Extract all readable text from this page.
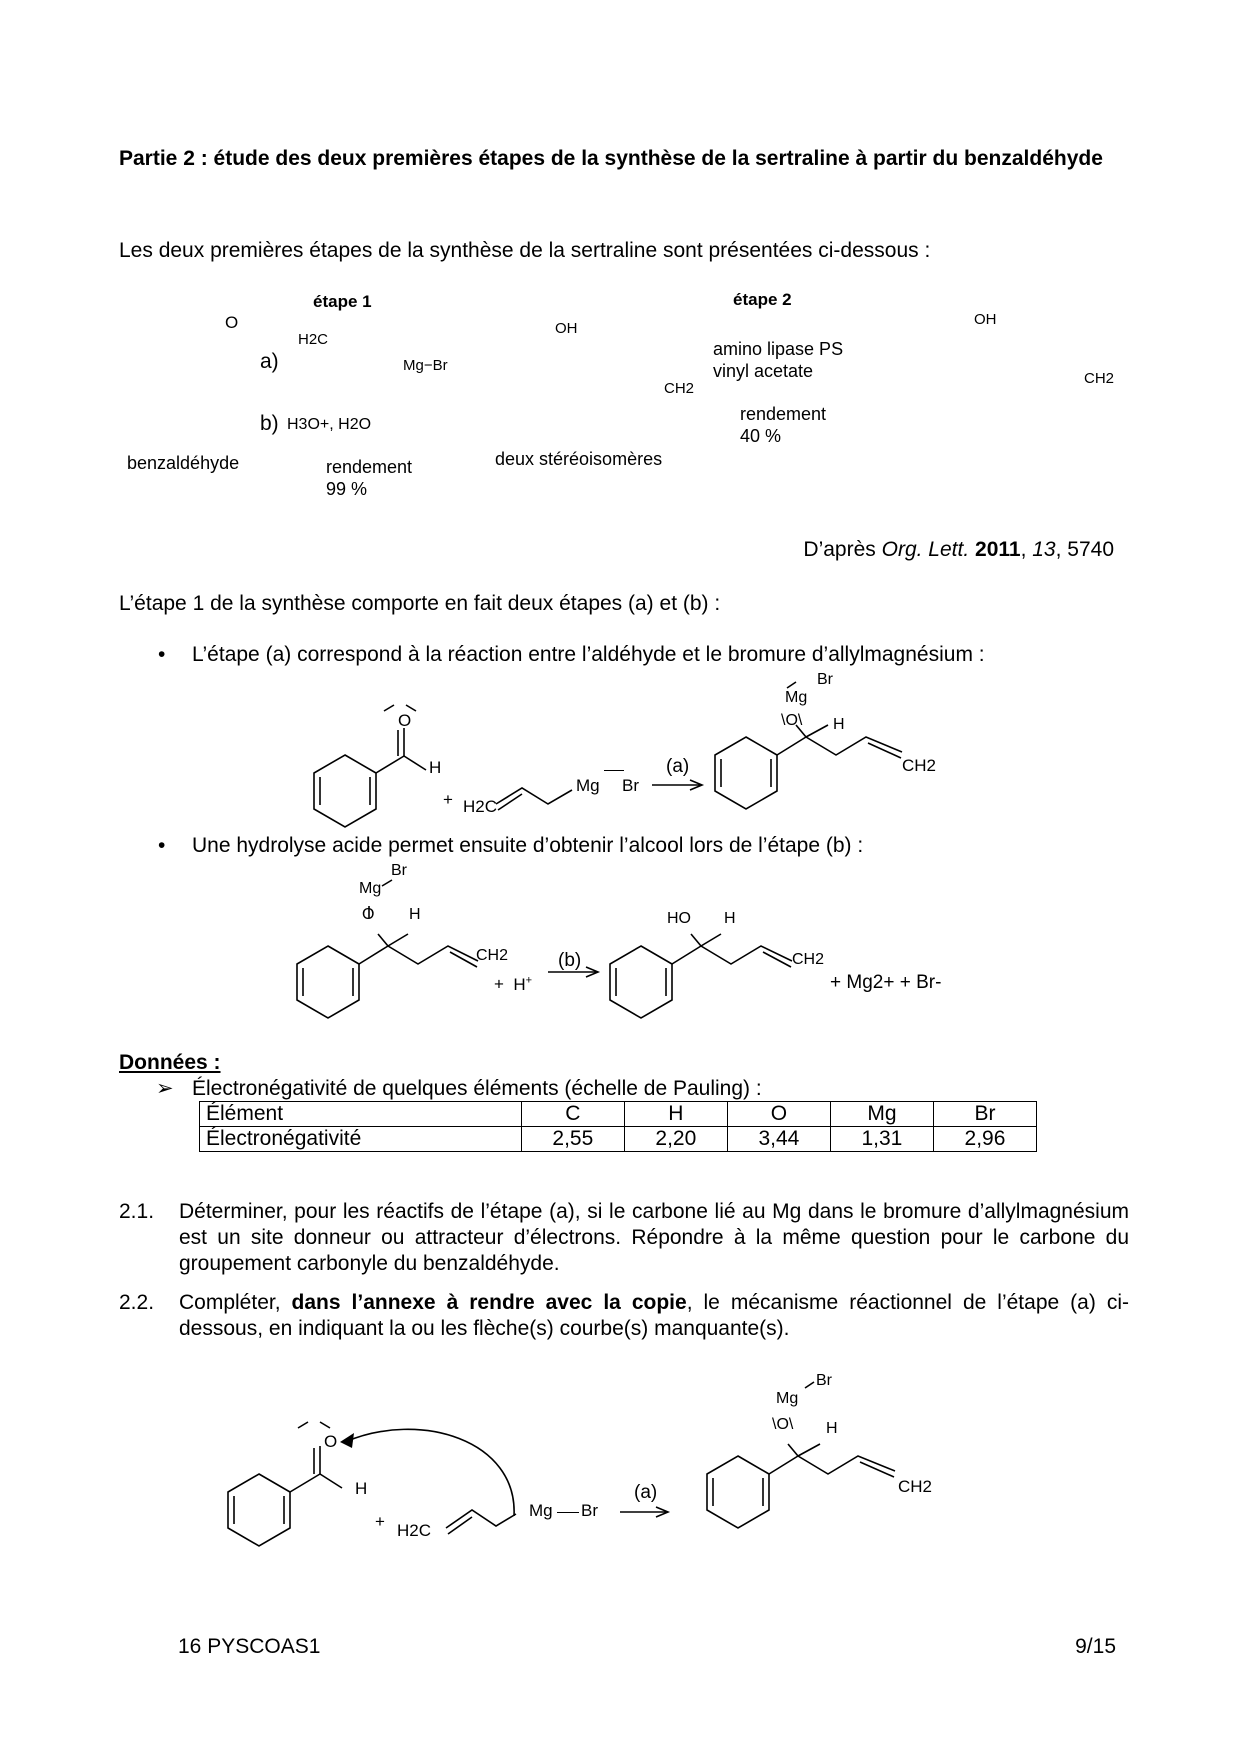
Partie 2 : étude des deux premières étapes de la synthèse de la sertraline à partir du benzaldéhyde
Les deux premières étapes de la synthèse de la sertraline sont présentées ci-dessous :
étape 1	étape 2
O
a)
H2C
Mg−Br
b) H3O+, H2O
benzaldéhyde	rendement
99 %
OH
CH2
deux stéréoisomères
amino lipase PS
vinyl acetate
rendement
40 %
OH
CH2
D’après Org. Lett. 2011, 13, 5740
L’étape 1 de la synthèse comporte en fait deux étapes (a) et (b) :
• L’étape (a) correspond à la réaction entre l’aldéhyde et le bromure d’allylmagnésium :
O
H
+ H2C
Mg Br
(a)
Br
Mg
\O\ H
CH2
• Une hydrolyse acide permet ensuite d’obtenir l’alcool lors de l’étape (b) :
Br
Mg
O H
CH2
+ H+
(b)
HO H
CH2
+ Mg2+ + Br-
Données :
➢ Électronégativité de quelques éléments (échelle de Pauling) :
Élément	C	H	O	Mg	Br
Électronégativité	2,55	2,20	3,44	1,31	2,96
2.1. Déterminer, pour les réactifs de l’étape (a), si le carbone lié au Mg dans le bromure d’allylmagnésium est un site donneur ou attracteur d’électrons. Répondre à la même question pour le carbone du groupement carbonyle du benzaldéhyde.
2.2. Compléter, dans l’annexe à rendre avec la copie, le mécanisme réactionnel de l’étape (a) ci-dessous, en indiquant la ou les flèche(s) courbe(s) manquante(s).
O
H
+ H2C
Mg Br
(a)
Br
Mg
\O\ H
CH2
16 PYSCOAS1	9/15
